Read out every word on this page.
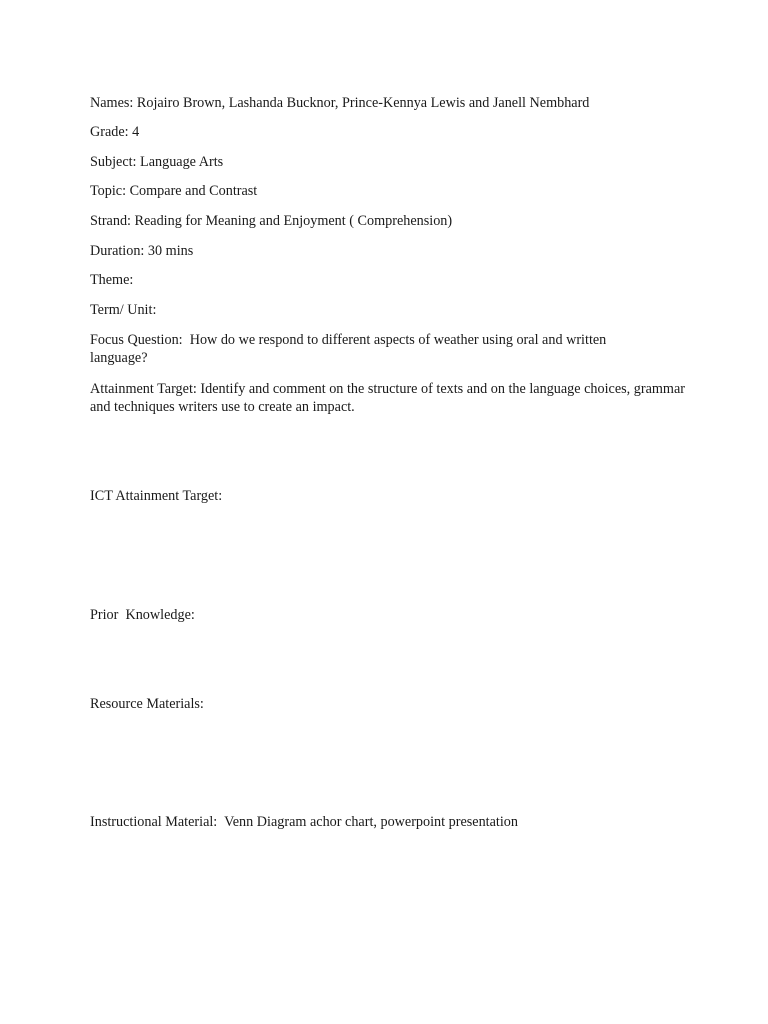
Names: Rojairo Brown, Lashanda Bucknor, Prince-Kennya Lewis and Janell Nembhard
Grade: 4
Subject: Language Arts
Topic: Compare and Contrast
Strand: Reading for Meaning and Enjoyment ( Comprehension)
Duration: 30 mins
Theme:
Term/ Unit:
Focus Question:  How do we respond to different aspects of weather using oral and written language?
Attainment Target: Identify and comment on the structure of texts and on the language choices, grammar and techniques writers use to create an impact.
ICT Attainment Target:
Prior  Knowledge:
Resource Materials:
Instructional Material:  Venn Diagram achor chart, powerpoint presentation
